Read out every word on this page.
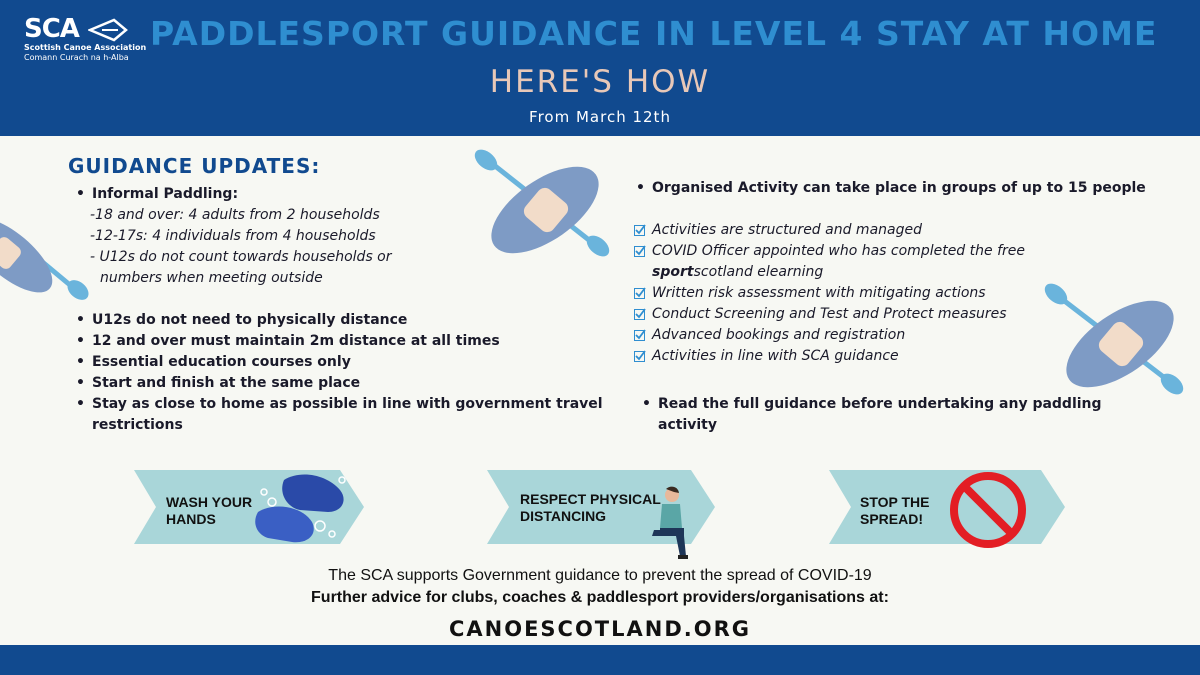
SCA
Scottish Canoe Association
Comann Curach na h-Alba
PADDLESPORT GUIDANCE IN LEVEL 4 STAY AT HOME
HERE'S HOW
From March 12th
GUIDANCE UPDATES:
• Informal Paddling:
-18 and over: 4 adults from 2 households
-12-17s: 4 individuals from 4 households
- U12s do not count towards households or
numbers when meeting outside
• U12s do not need to physically distance
• 12 and over must maintain 2m distance at all times
• Essential education courses only
• Start and finish at the same place
• Stay as close to home as possible in line with government travel
restrictions
• Organised Activity can take place in groups of up to 15 people
Activities are structured and managed
COVID Officer appointed who has completed the free
sportscotland elearning
Written risk assessment with mitigating actions
Conduct Screening and Test and Protect measures
Advanced bookings and registration
Activities in line with SCA guidance
• Read the full guidance before undertaking any paddling
activity
WASH YOUR
HANDS
RESPECT PHYSICAL
DISTANCING
STOP THE
SPREAD!
The SCA supports Government guidance to prevent the spread of COVID-19
Further advice for clubs, coaches & paddlesport providers/organisations at:
CANOESCOTLAND.ORG
